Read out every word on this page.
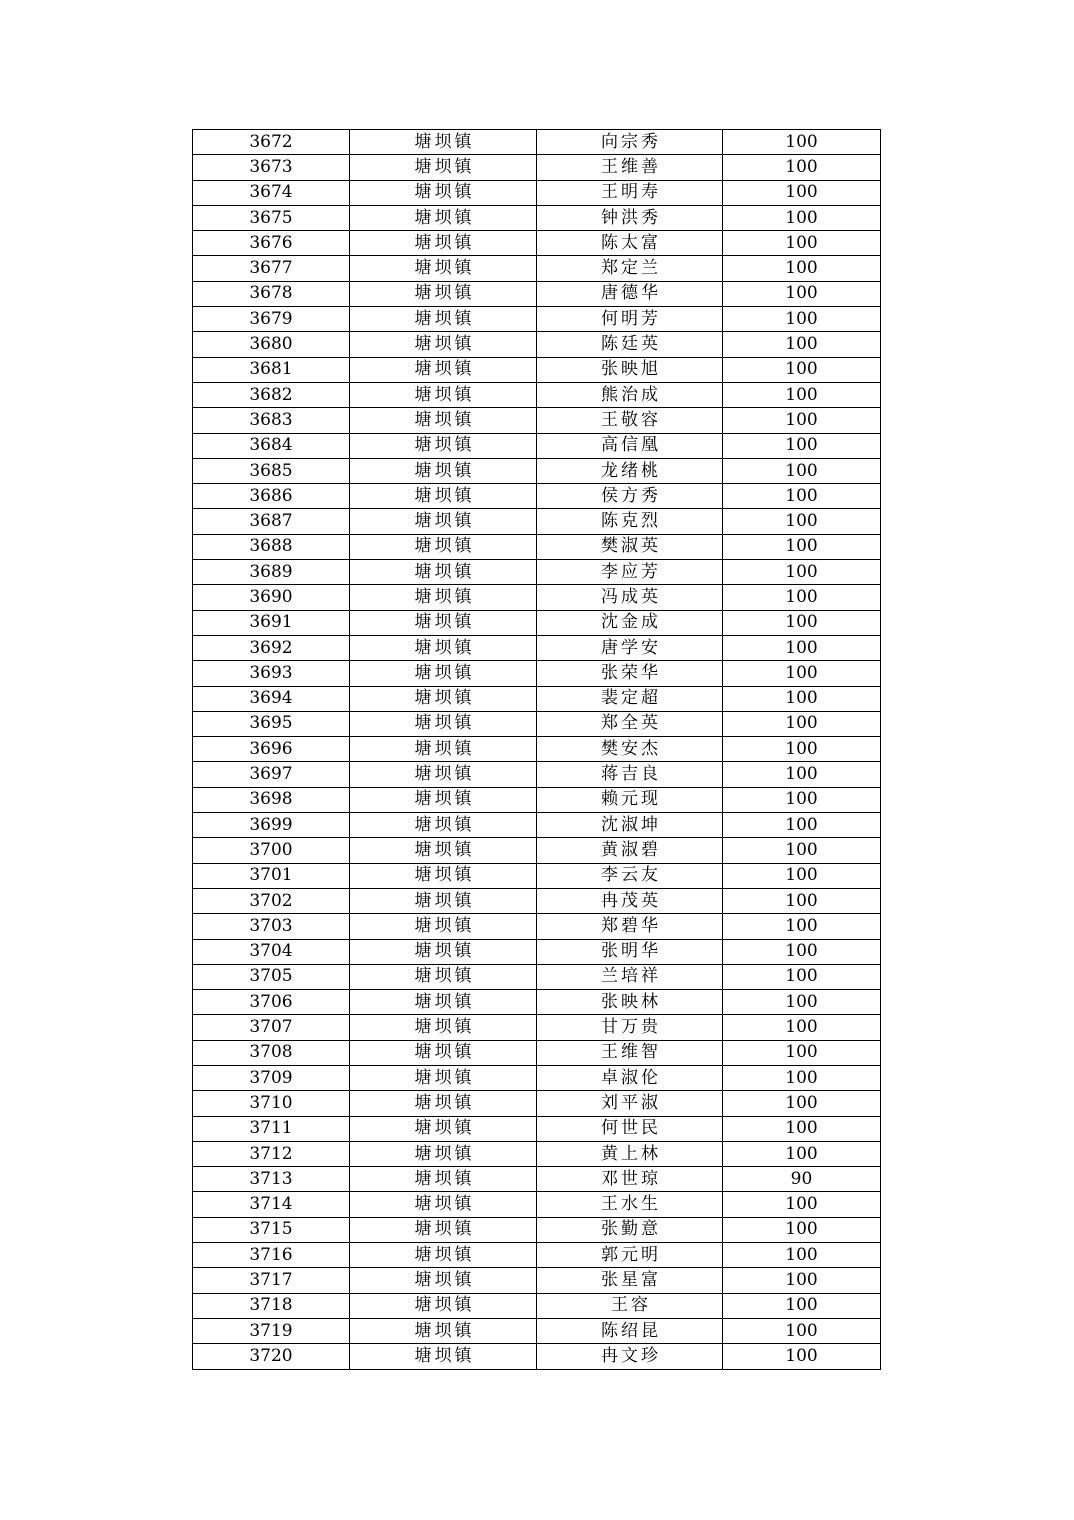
3672	塘坝镇	向宗秀	100
3673	塘坝镇	王维善	100
3674	塘坝镇	王明寿	100
3675	塘坝镇	钟洪秀	100
3676	塘坝镇	陈太富	100
3677	塘坝镇	郑定兰	100
3678	塘坝镇	唐德华	100
3679	塘坝镇	何明芳	100
3680	塘坝镇	陈廷英	100
3681	塘坝镇	张映旭	100
3682	塘坝镇	熊治成	100
3683	塘坝镇	王敬容	100
3684	塘坝镇	高信凰	100
3685	塘坝镇	龙绪桃	100
3686	塘坝镇	侯方秀	100
3687	塘坝镇	陈克烈	100
3688	塘坝镇	樊淑英	100
3689	塘坝镇	李应芳	100
3690	塘坝镇	冯成英	100
3691	塘坝镇	沈金成	100
3692	塘坝镇	唐学安	100
3693	塘坝镇	张荣华	100
3694	塘坝镇	裴定超	100
3695	塘坝镇	郑全英	100
3696	塘坝镇	樊安杰	100
3697	塘坝镇	蒋吉良	100
3698	塘坝镇	赖元现	100
3699	塘坝镇	沈淑坤	100
3700	塘坝镇	黄淑碧	100
3701	塘坝镇	李云友	100
3702	塘坝镇	冉茂英	100
3703	塘坝镇	郑碧华	100
3704	塘坝镇	张明华	100
3705	塘坝镇	兰培祥	100
3706	塘坝镇	张映林	100
3707	塘坝镇	甘万贵	100
3708	塘坝镇	王维智	100
3709	塘坝镇	卓淑伦	100
3710	塘坝镇	刘平淑	100
3711	塘坝镇	何世民	100
3712	塘坝镇	黄上林	100
3713	塘坝镇	邓世琼	90
3714	塘坝镇	王水生	100
3715	塘坝镇	张勤意	100
3716	塘坝镇	郭元明	100
3717	塘坝镇	张星富	100
3718	塘坝镇	王容	100
3719	塘坝镇	陈绍昆	100
3720	塘坝镇	冉文珍	100
